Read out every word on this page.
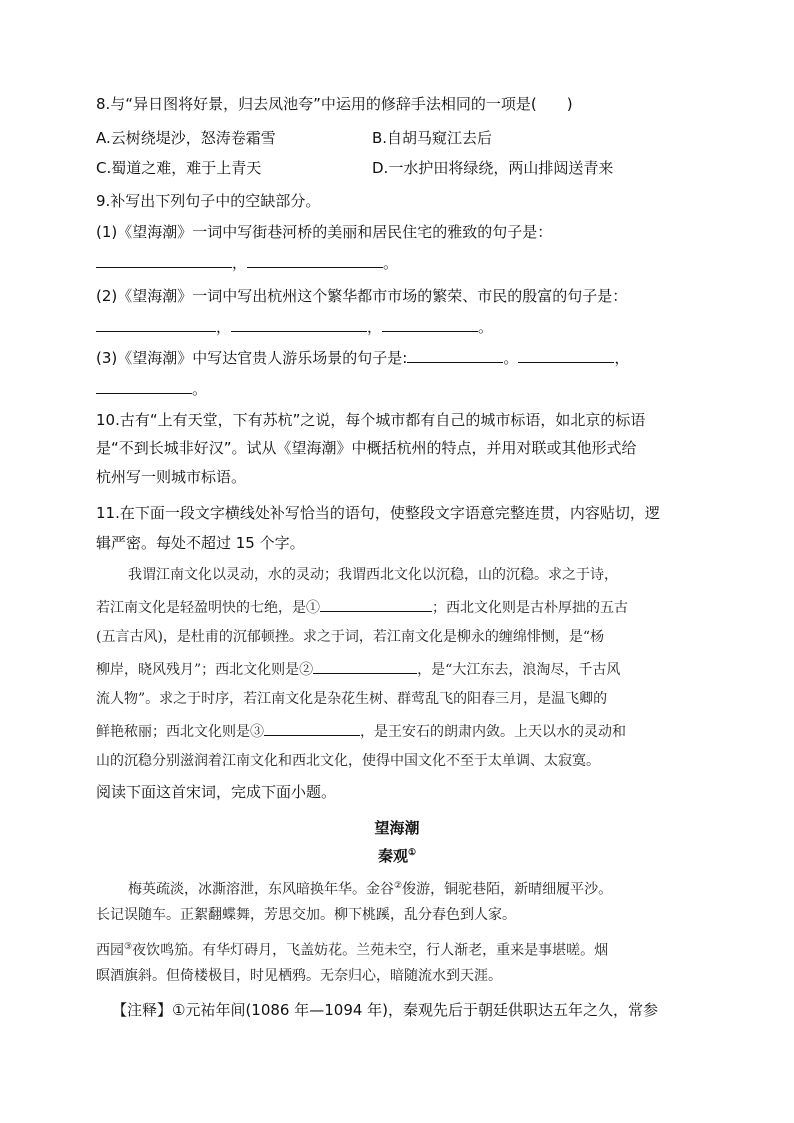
8.与“异日图将好景，归去凤池夸”中运用的修辞手法相同的一项是(　　)
A.云树绕堤沙，怒涛卷霜雪	B.自胡马窥江去后
C.蜀道之难，难于上青天	D.一水护田将绿绕，两山排闼送青来
9.补写出下列句子中的空缺部分。
(1)《望海潮》一词中写街巷河桥的美丽和居民住宅的雅致的句子是：
，	。
(2)《望海潮》一词中写出杭州这个繁华都市市场的繁荣、市民的殷富的句子是：
，	，	。
(3)《望海潮》中写达官贵人游乐场景的句子是:	。	，
。
10.古有“上有天堂，下有苏杭”之说，每个城市都有自己的城市标语，如北京的标语
是“不到长城非好汉”。试从《望海潮》中概括杭州的特点，并用对联或其他形式给
杭州写一则城市标语。
11.在下面一段文字横线处补写恰当的语句，使整段文字语意完整连贯，内容贴切，逻
辑严密。每处不超过 15 个字。
我谓江南文化以灵动，水的灵动；我谓西北文化以沉稳，山的沉稳。求之于诗，
若江南文化是轻盈明快的七绝，是①	；西北文化则是古朴厚拙的五古
(五言古风)，是杜甫的沉郁顿挫。求之于词，若江南文化是柳永的缠绵悱恻，是“杨
柳岸，晓风残月”；西北文化则是②	，是“大江东去，浪淘尽，千古风
流人物”。求之于时序，若江南文化是杂花生树、群莺乱飞的阳春三月，是温飞卿的
鲜艳秾丽；西北文化则是③	，是王安石的朗肃内敛。上天以水的灵动和
山的沉稳分别滋润着江南文化和西北文化，使得中国文化不至于太单调、太寂寞。
阅读下面这首宋词，完成下面小题。
望海潮
秦观①
梅英疏淡，冰澌溶泄，东风暗换年华。金谷②俊游，铜驼巷陌，新晴细履平沙。
长记误随车。正絮翻蝶舞，芳思交加。柳下桃蹊，乱分春色到人家。
西园③夜饮鸣笳。有华灯碍月，飞盖妨花。兰苑未空，行人渐老，重来是事堪嗟。烟
暝酒旗斜。但倚楼极目，时见栖鸦。无奈归心，暗随流水到天涯。
【注释】①元祐年间(1086 年—1094 年)，秦观先后于朝廷供职达五年之久，常参
